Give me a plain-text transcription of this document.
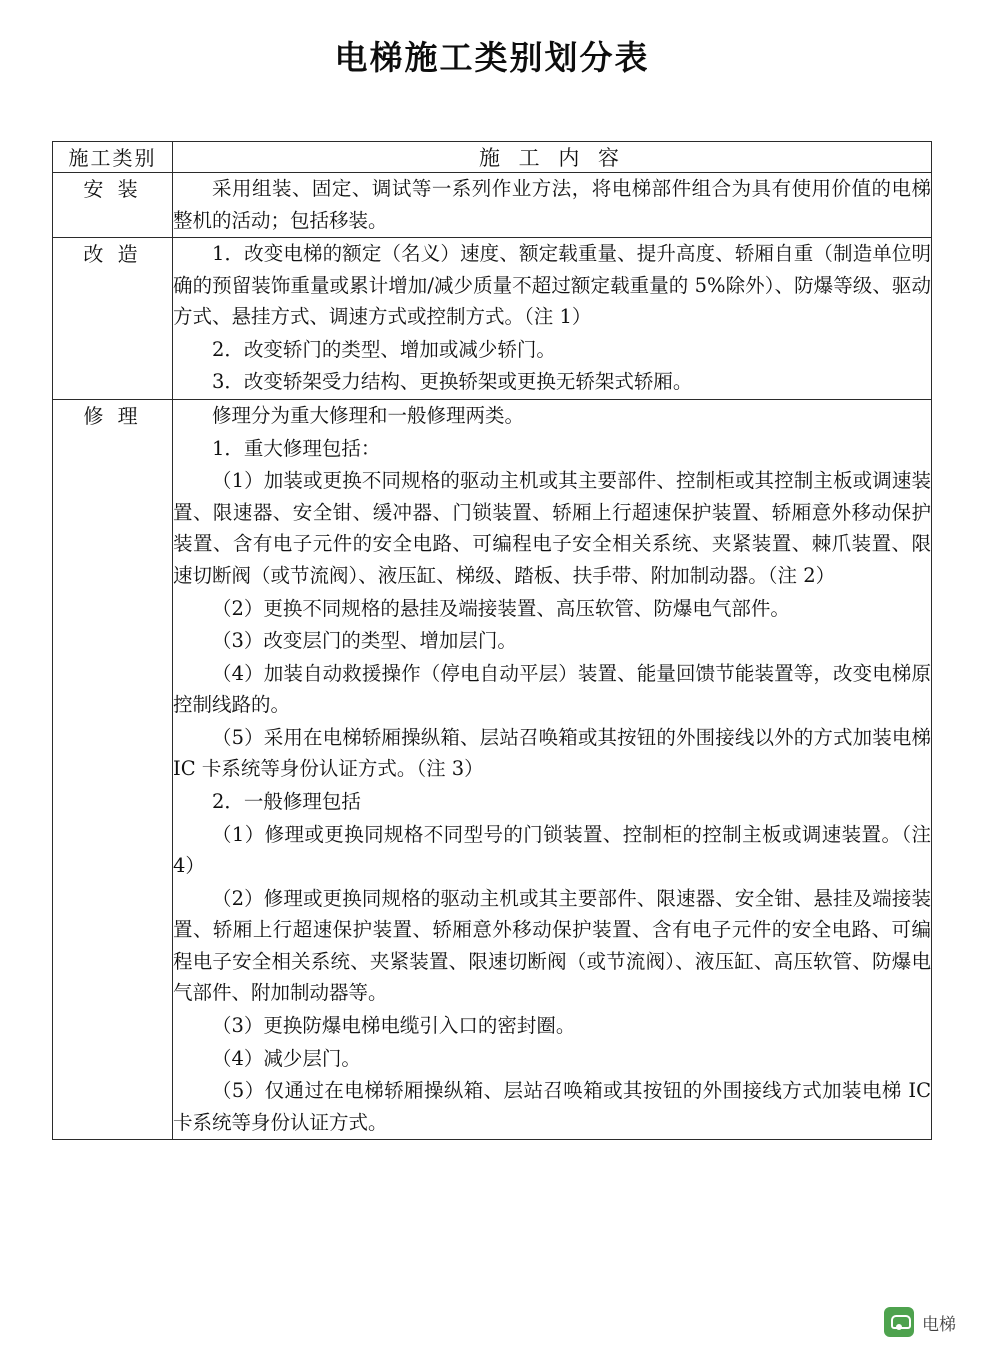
电梯施工类别划分表
施工类别	施 工 内 容
安 装	采用组装、固定、调试等一系列作业方法，将电梯部件组合为具有使用价值的电梯整机的活动；包括移装。

改 造	1．改变电梯的额定（名义）速度、额定载重量、提升高度、轿厢自重（制造单位明确的预留装饰重量或累计增加/减少质量不超过额定载重量的 5%除外）、防爆等级、驱动方式、悬挂方式、调速方式或控制方式。（注 1）

2．改变轿门的类型、增加或减少轿门。

3．改变轿架受力结构、更换轿架或更换无轿架式轿厢。

修 理	修理分为重大修理和一般修理两类。

1．重大修理包括：

（1）加装或更换不同规格的驱动主机或其主要部件、控制柜或其控制主板或调速装置、限速器、安全钳、缓冲器、门锁装置、轿厢上行超速保护装置、轿厢意外移动保护装置、含有电子元件的安全电路、可编程电子安全相关系统、夹紧装置、棘爪装置、限速切断阀（或节流阀）、液压缸、梯级、踏板、扶手带、附加制动器。（注 2）

（2）更换不同规格的悬挂及端接装置、高压软管、防爆电气部件。

（3）改变层门的类型、增加层门。

（4）加装自动救援操作（停电自动平层）装置、能量回馈节能装置等，改变电梯原控制线路的。

（5）采用在电梯轿厢操纵箱、层站召唤箱或其按钮的外围接线以外的方式加装电梯 IC 卡系统等身份认证方式。（注 3）

2．一般修理包括

（1）修理或更换同规格不同型号的门锁装置、控制柜的控制主板或调速装置。（注 4）

（2）修理或更换同规格的驱动主机或其主要部件、限速器、安全钳、悬挂及端接装置、轿厢上行超速保护装置、轿厢意外移动保护装置、含有电子元件的安全电路、可编程电子安全相关系统、夹紧装置、限速切断阀（或节流阀）、液压缸、高压软管、防爆电气部件、附加制动器等。

（3）更换防爆电梯电缆引入口的密封圈。

（4）减少层门。

（5）仅通过在电梯轿厢操纵箱、层站召唤箱或其按钮的外围接线方式加装电梯 IC 卡系统等身份认证方式。

电梯
